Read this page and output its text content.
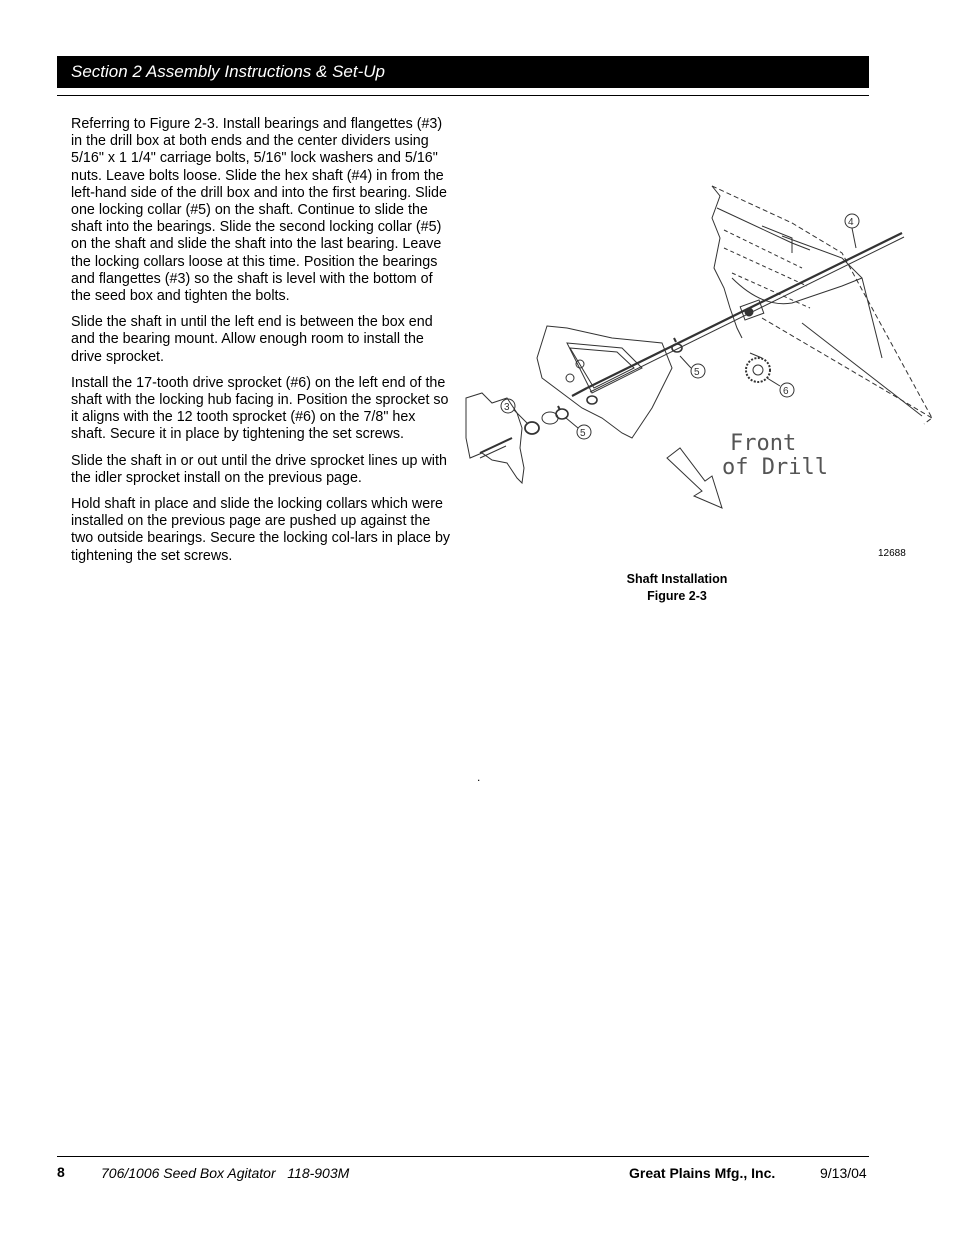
Section 2 Assembly Instructions & Set-Up

Referring to Figure 2-3. Install bearings and flangettes (#3) in the drill box at both ends and the center dividers using 5/16" x 1 1/4" carriage bolts, 5/16" lock washers and 5/16" nuts. Leave bolts loose. Slide the hex shaft (#4) in from the left-hand side of the drill box and into the first bearing. Slide one locking collar (#5) on the shaft. Continue to slide the shaft into the bearings. Slide the second locking collar (#5) on the shaft and slide the shaft into the last bearing. Leave the locking collars loose at this time. Position the bearings and flangettes (#3) so the shaft is level with the bottom of the seed box and tighten the bolts.

Slide the shaft in until the left end is between the box end and the bearing mount. Allow enough room to install the drive sprocket.

Install the 17-tooth drive sprocket (#6) on the left end of the shaft with the locking hub facing in. Position the sprocket so it aligns with the 12 tooth sprocket (#6) on the 7/8" hex shaft. Secure it in place by tightening the set screws.

Slide the shaft in or out until the drive sprocket lines up with the idler sprocket install on the previous page.

Hold shaft in place and slide the locking collars which were installed on the previous page are pushed up against the two outside bearings. Secure the locking col-lars in place by tightening the set screws.

4
5
6
3
5	Front
of Drill
12688
Shaft Installation
Figure 2-3
.
8	706/1006 Seed Box Agitator   118-903M	Great Plains Mfg., Inc.	9/13/04
